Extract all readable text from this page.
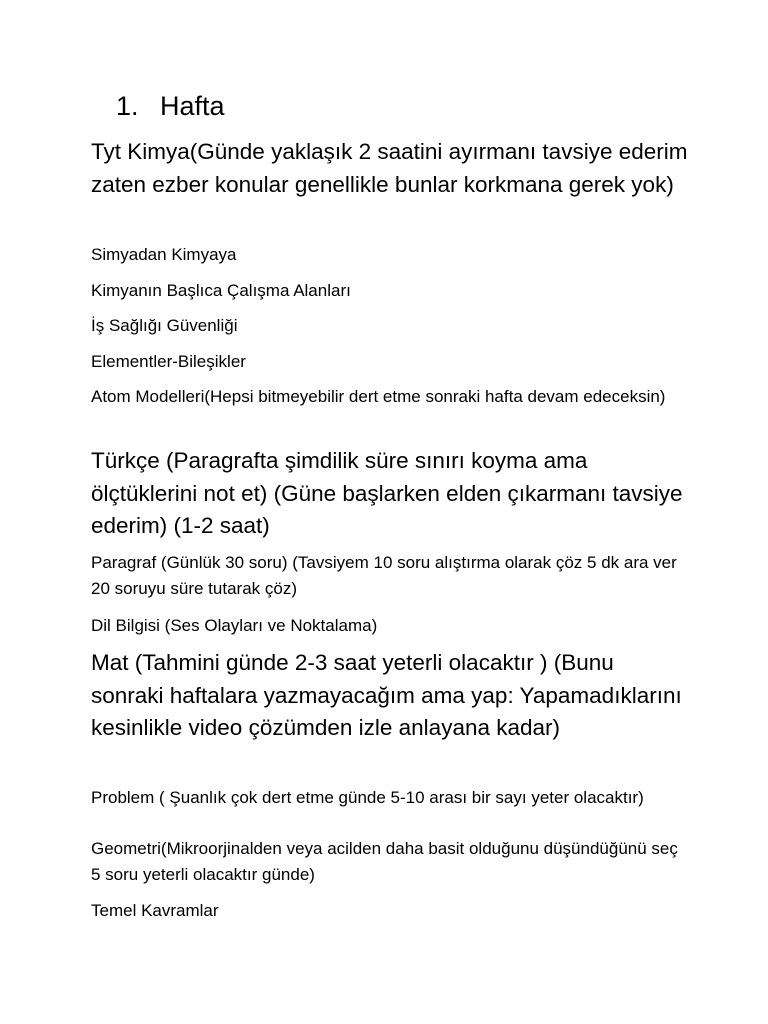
1. Hafta

Tyt Kimya(Günde yaklaşık 2 saatini ayırmanı tavsiye ederim zaten ezber konular genellikle bunlar korkmana gerek yok)

Simyadan Kimyaya

Kimyanın Başlıca Çalışma Alanları

İş Sağlığı Güvenliği

Elementler-Bileşikler

Atom Modelleri(Hepsi bitmeyebilir dert etme sonraki hafta devam edeceksin)

Türkçe (Paragrafta şimdilik süre sınırı koyma ama ölçtüklerini not et) (Güne başlarken elden çıkarmanı tavsiye ederim) (1-2 saat)

Paragraf (Günlük 30 soru) (Tavsiyem 10 soru alıştırma olarak çöz 5 dk ara ver 20 soruyu süre tutarak çöz)

Dil Bilgisi (Ses Olayları ve Noktalama)

Mat (Tahmini günde 2-3 saat yeterli olacaktır ) (Bunu sonraki haftalara yazmayacağım ama yap: Yapamadıklarını kesinlikle video çözümden izle anlayana kadar)

Problem ( Şuanlık çok dert etme günde 5-10 arası bir sayı yeter olacaktır)

Geometri(Mikroorjinalden veya acilden daha basit olduğunu düşündüğünü seç 5 soru yeterli olacaktır günde)

Temel Kavramlar
